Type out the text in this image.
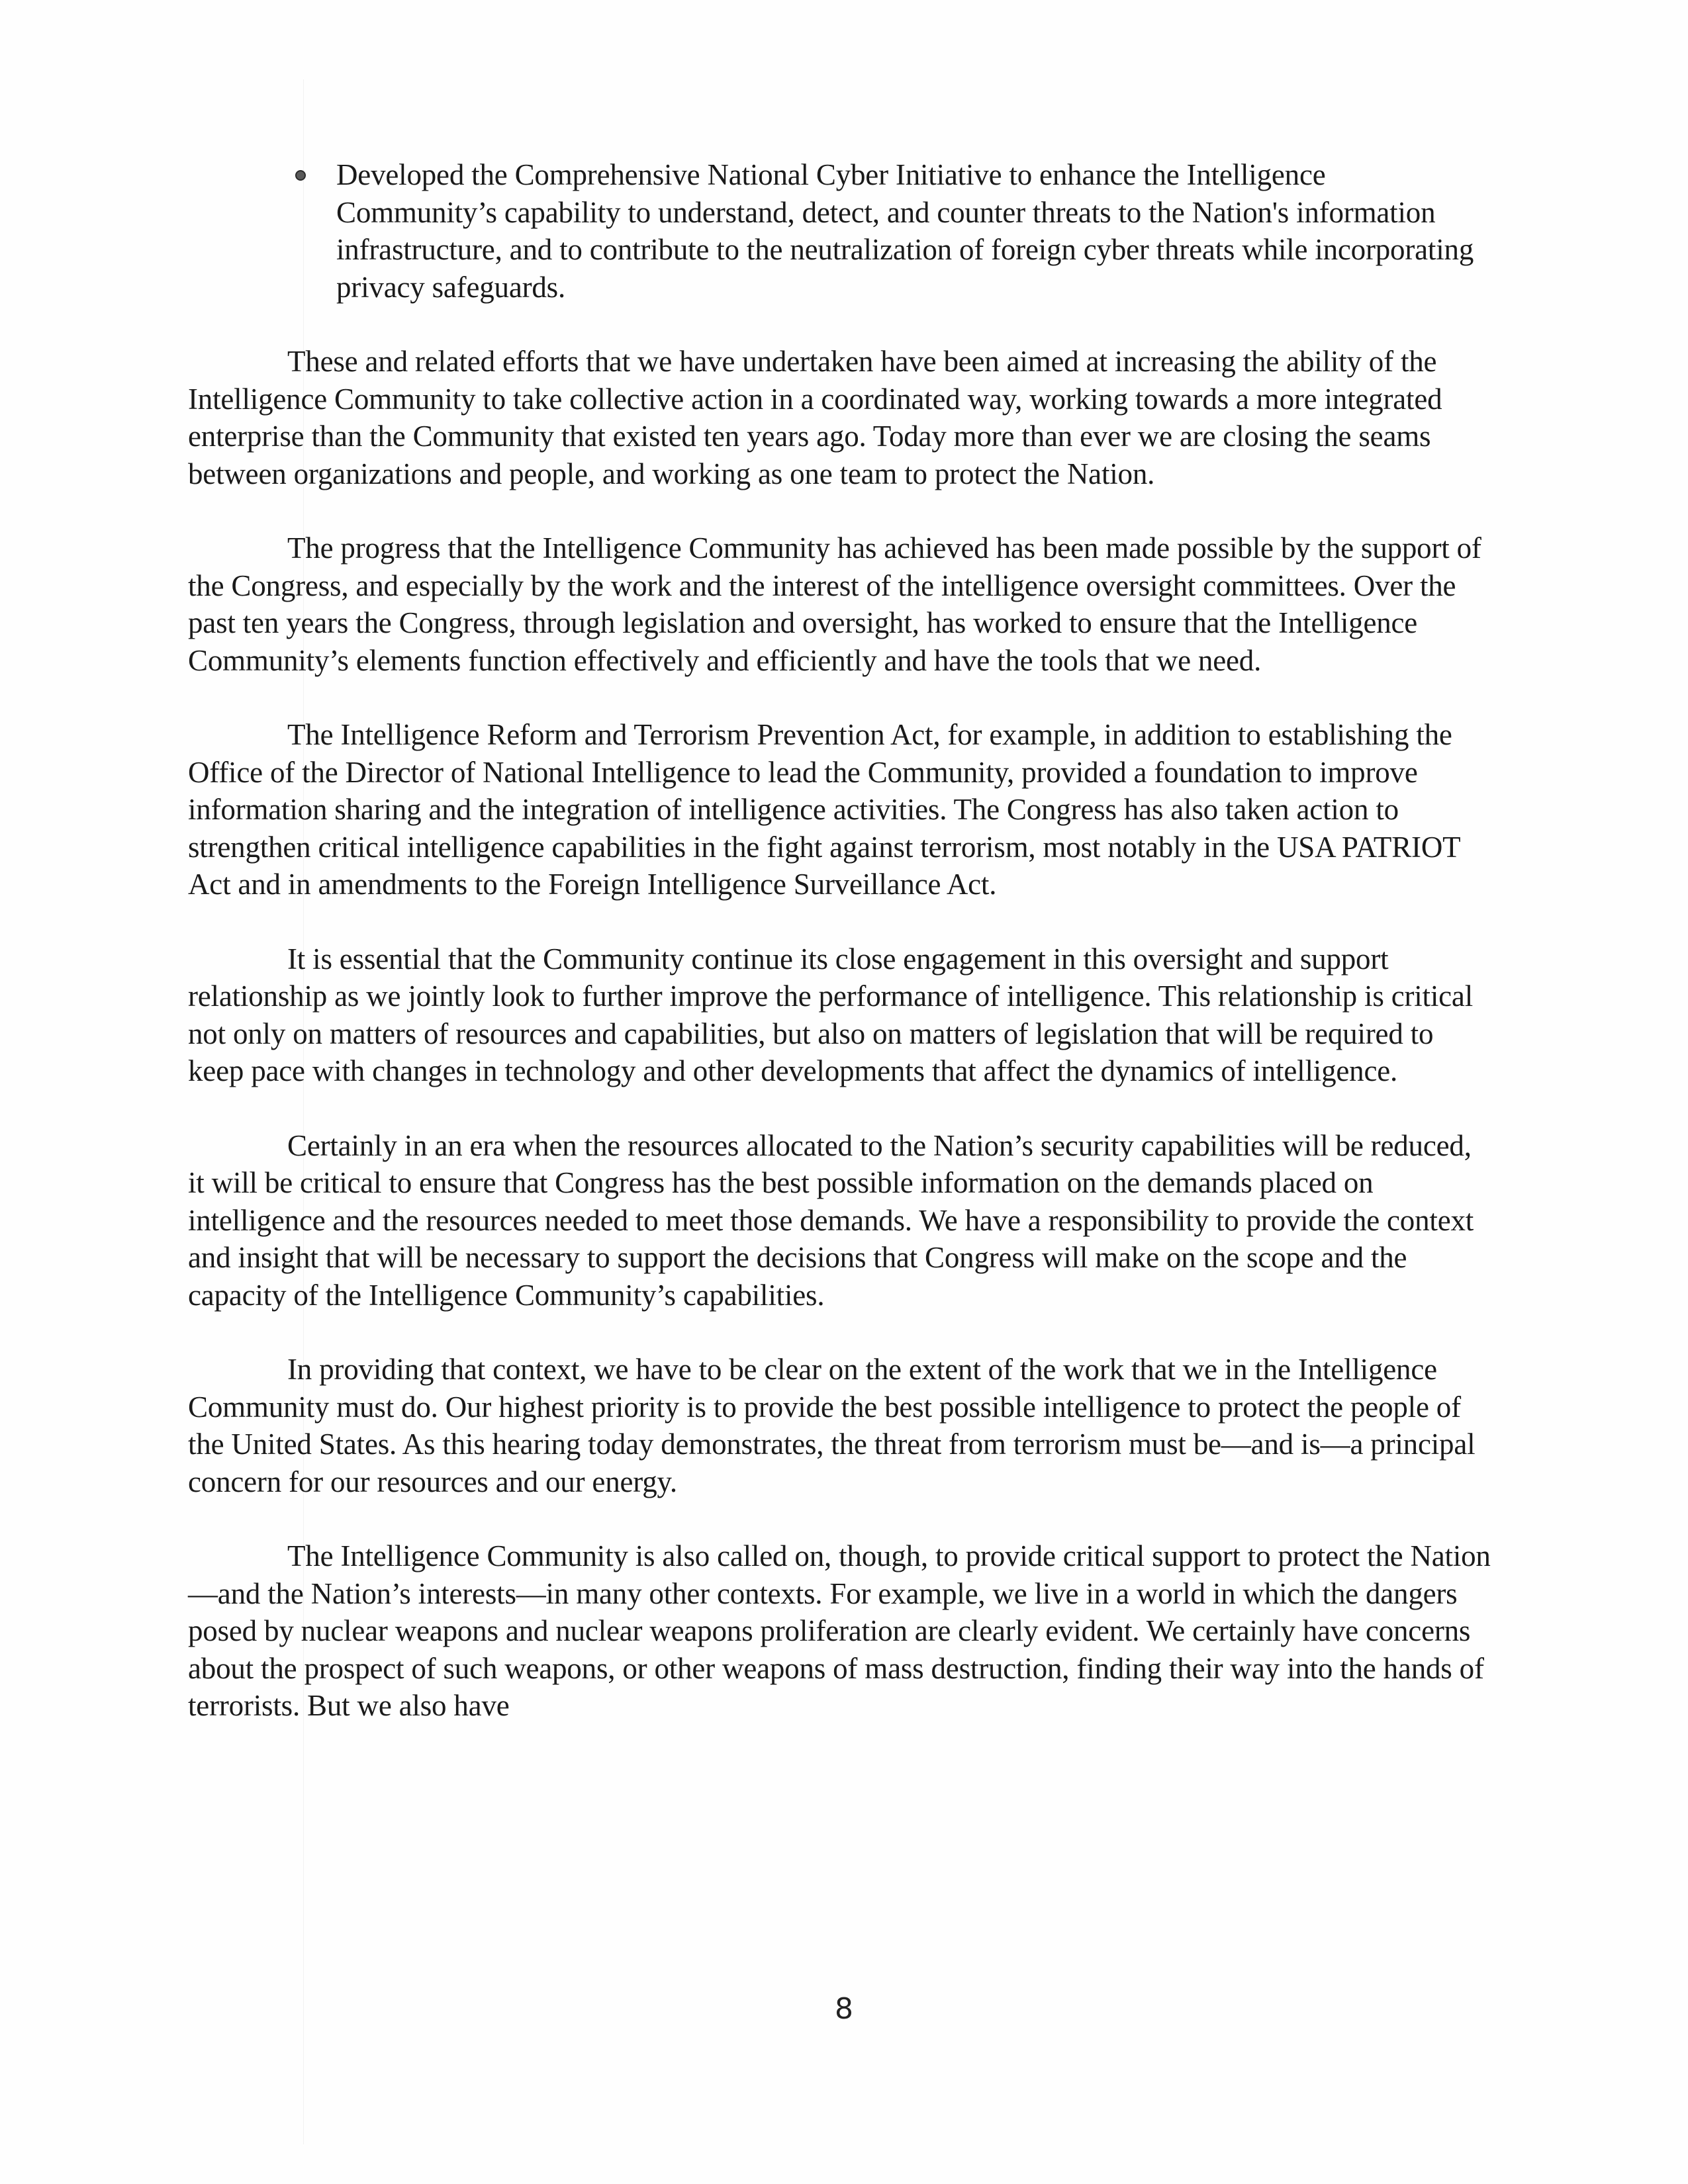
Developed the Comprehensive National Cyber Initiative to enhance the Intelligence Community’s capability to understand, detect, and counter threats to the Nation's information infrastructure, and to contribute to the neutralization of foreign cyber threats while incorporating privacy safeguards.

These and related efforts that we have undertaken have been aimed at increasing the ability of the Intelligence Community to take collective action in a coordinated way, working towards a more integrated enterprise than the Community that existed ten years ago. Today more than ever we are closing the seams between organizations and people, and working as one team to protect the Nation.

The progress that the Intelligence Community has achieved has been made possible by the support of the Congress, and especially by the work and the interest of the intelligence oversight committees. Over the past ten years the Congress, through legislation and oversight, has worked to ensure that the Intelligence Community’s elements function effectively and efficiently and have the tools that we need.

The Intelligence Reform and Terrorism Prevention Act, for example, in addition to establishing the Office of the Director of National Intelligence to lead the Community, provided a foundation to improve information sharing and the integration of intelligence activities. The Congress has also taken action to strengthen critical intelligence capabilities in the fight against terrorism, most notably in the USA PATRIOT Act and in amendments to the Foreign Intelligence Surveillance Act.

It is essential that the Community continue its close engagement in this oversight and support relationship as we jointly look to further improve the performance of intelligence. This relationship is critical not only on matters of resources and capabilities, but also on matters of legislation that will be required to keep pace with changes in technology and other developments that affect the dynamics of intelligence.

Certainly in an era when the resources allocated to the Nation’s security capabilities will be reduced, it will be critical to ensure that Congress has the best possible information on the demands placed on intelligence and the resources needed to meet those demands. We have a responsibility to provide the context and insight that will be necessary to support the decisions that Congress will make on the scope and the capacity of the Intelligence Community’s capabilities.

In providing that context, we have to be clear on the extent of the work that we in the Intelligence Community must do. Our highest priority is to provide the best possible intelligence to protect the people of the United States. As this hearing today demonstrates, the threat from terrorism must be—and is—a principal concern for our resources and our energy.

The Intelligence Community is also called on, though, to provide critical support to protect the Nation—and the Nation’s interests—in many other contexts. For example, we live in a world in which the dangers posed by nuclear weapons and nuclear weapons proliferation are clearly evident. We certainly have concerns about the prospect of such weapons, or other weapons of mass destruction, finding their way into the hands of terrorists. But we also have

8
